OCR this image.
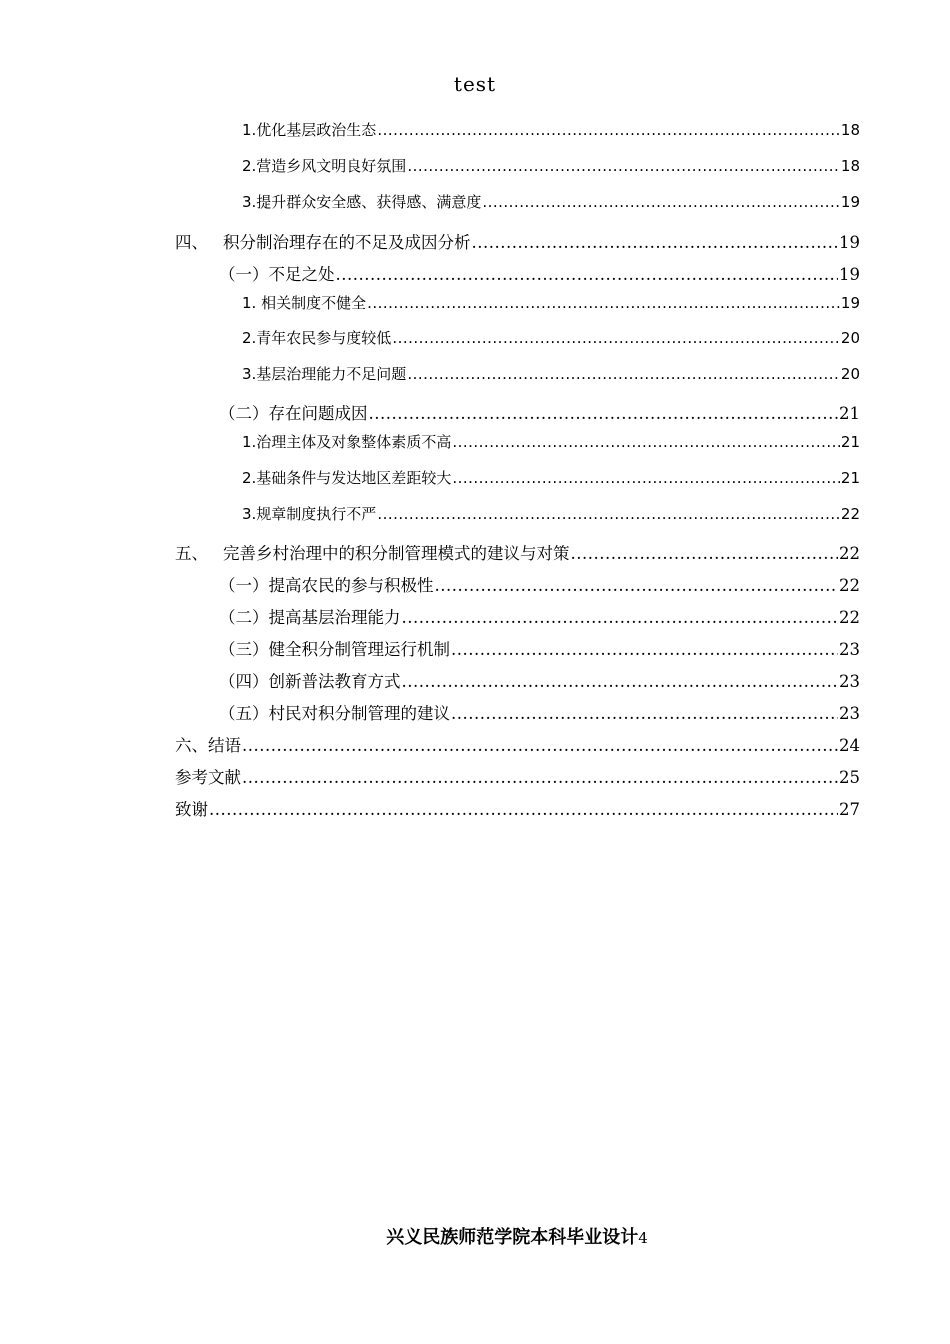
test
1.优化基层政治生态 .....	18
2.营造乡风文明良好氛围 .....	18
3.提升群众安全感、获得感、满意度 .....	19
四、 积分制治理存在的不足及成因分析 .....	19
（一）不足之处 .....	19
1. 相关制度不健全 .....	19
2.青年农民参与度较低 .....	20
3.基层治理能力不足问题 .....	20
（二）存在问题成因 .....	21
1.治理主体及对象整体素质不高 .....	21
2.基础条件与发达地区差距较大 .....	21
3.规章制度执行不严 .....	22
五、 完善乡村治理中的积分制管理模式的建议与对策 .....	22
（一）提高农民的参与积极性 .....	22
（二）提高基层治理能力 .....	22
（三）健全积分制管理运行机制 .....	23
（四）创新普法教育方式 .....	23
（五）村民对积分制管理的建议 .....	23
六、结语 .....	24
参考文献 .....	25
致谢 .....	27
兴义民族师范学院本科毕业设计4
